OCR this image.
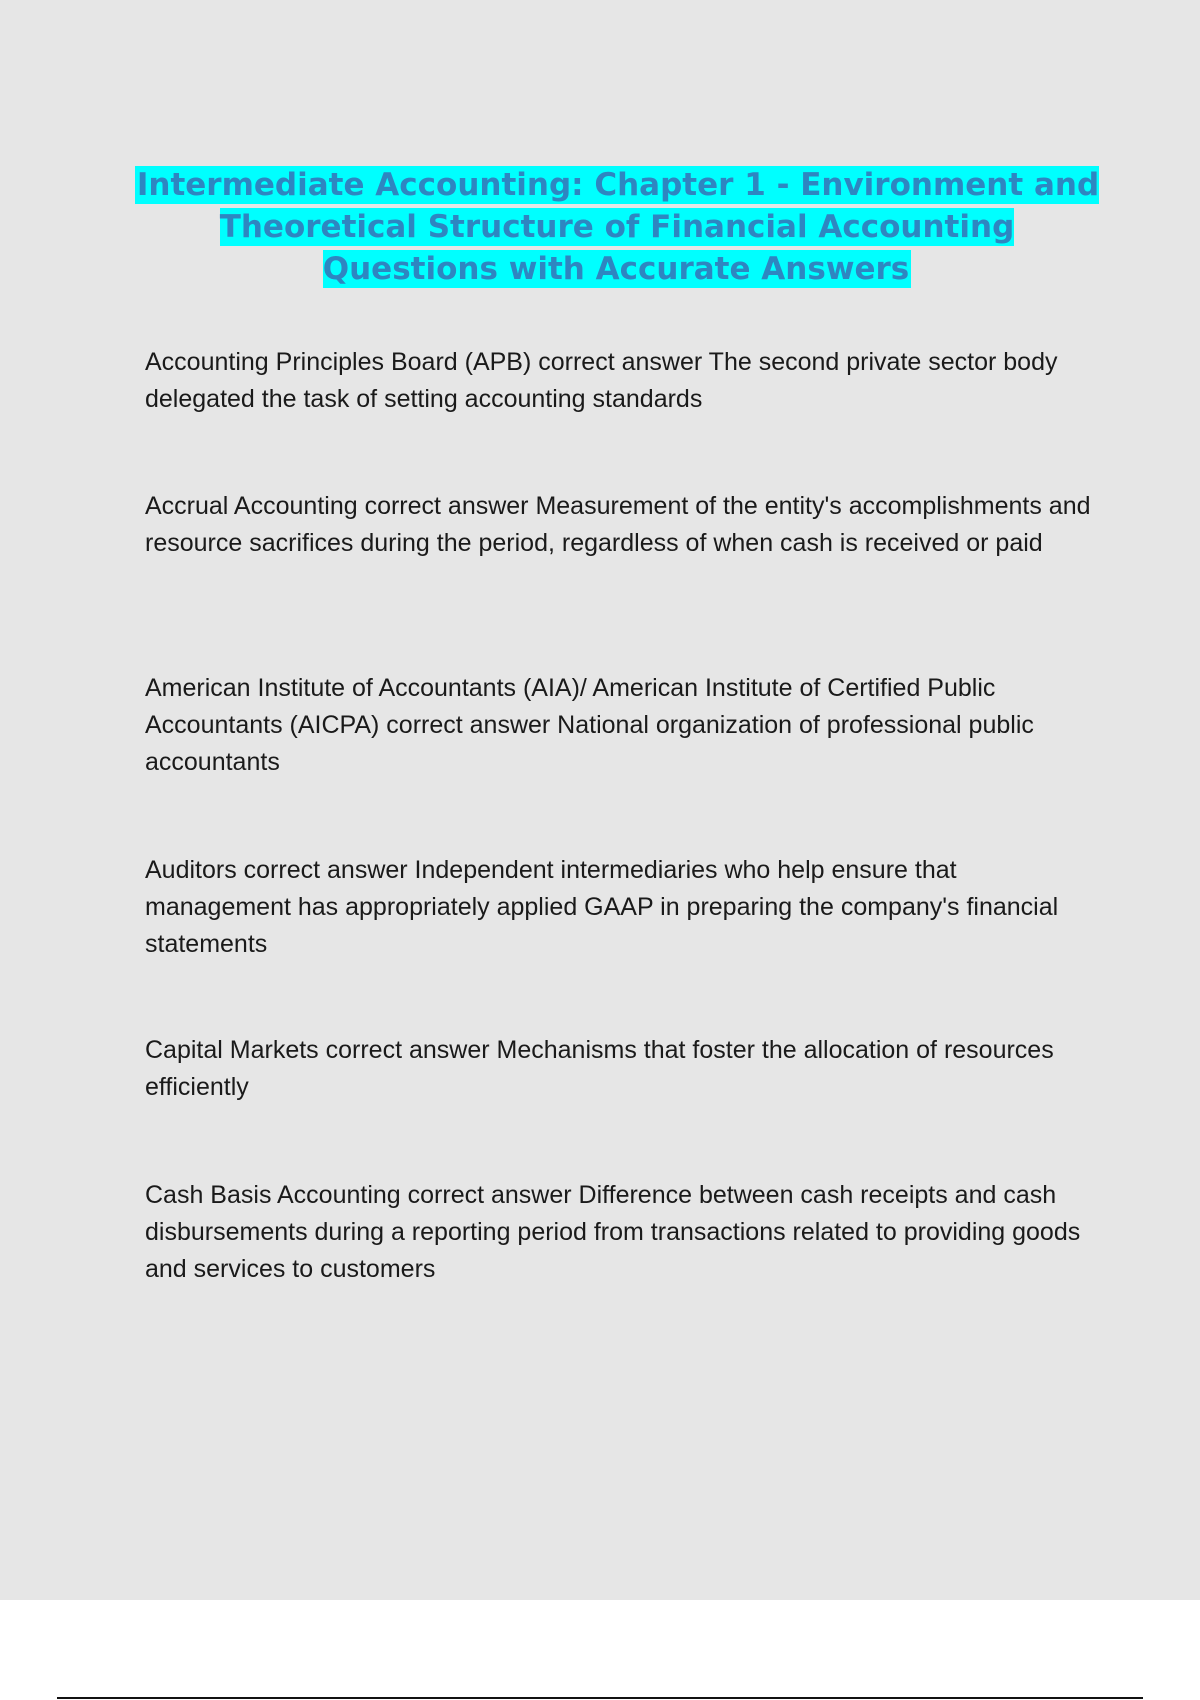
Intermediate Accounting: Chapter 1 - Environment and Theoretical Structure of Financial Accounting Questions with Accurate Answers

Accounting Principles Board (APB) correct answer The second private sector body delegated the task of setting accounting standards

Accrual Accounting correct answer Measurement of the entity's accomplishments and resource sacrifices during the period, regardless of when cash is received or paid

American Institute of Accountants (AIA)/ American Institute of Certified Public Accountants (AICPA) correct answer National organization of professional public accountants

Auditors correct answer Independent intermediaries who help ensure that management has appropriately applied GAAP in preparing the company's financial statements

Capital Markets correct answer Mechanisms that foster the allocation of resources efficiently

Cash Basis Accounting correct answer Difference between cash receipts and cash disbursements during a reporting period from transactions related to providing goods and services to customers
